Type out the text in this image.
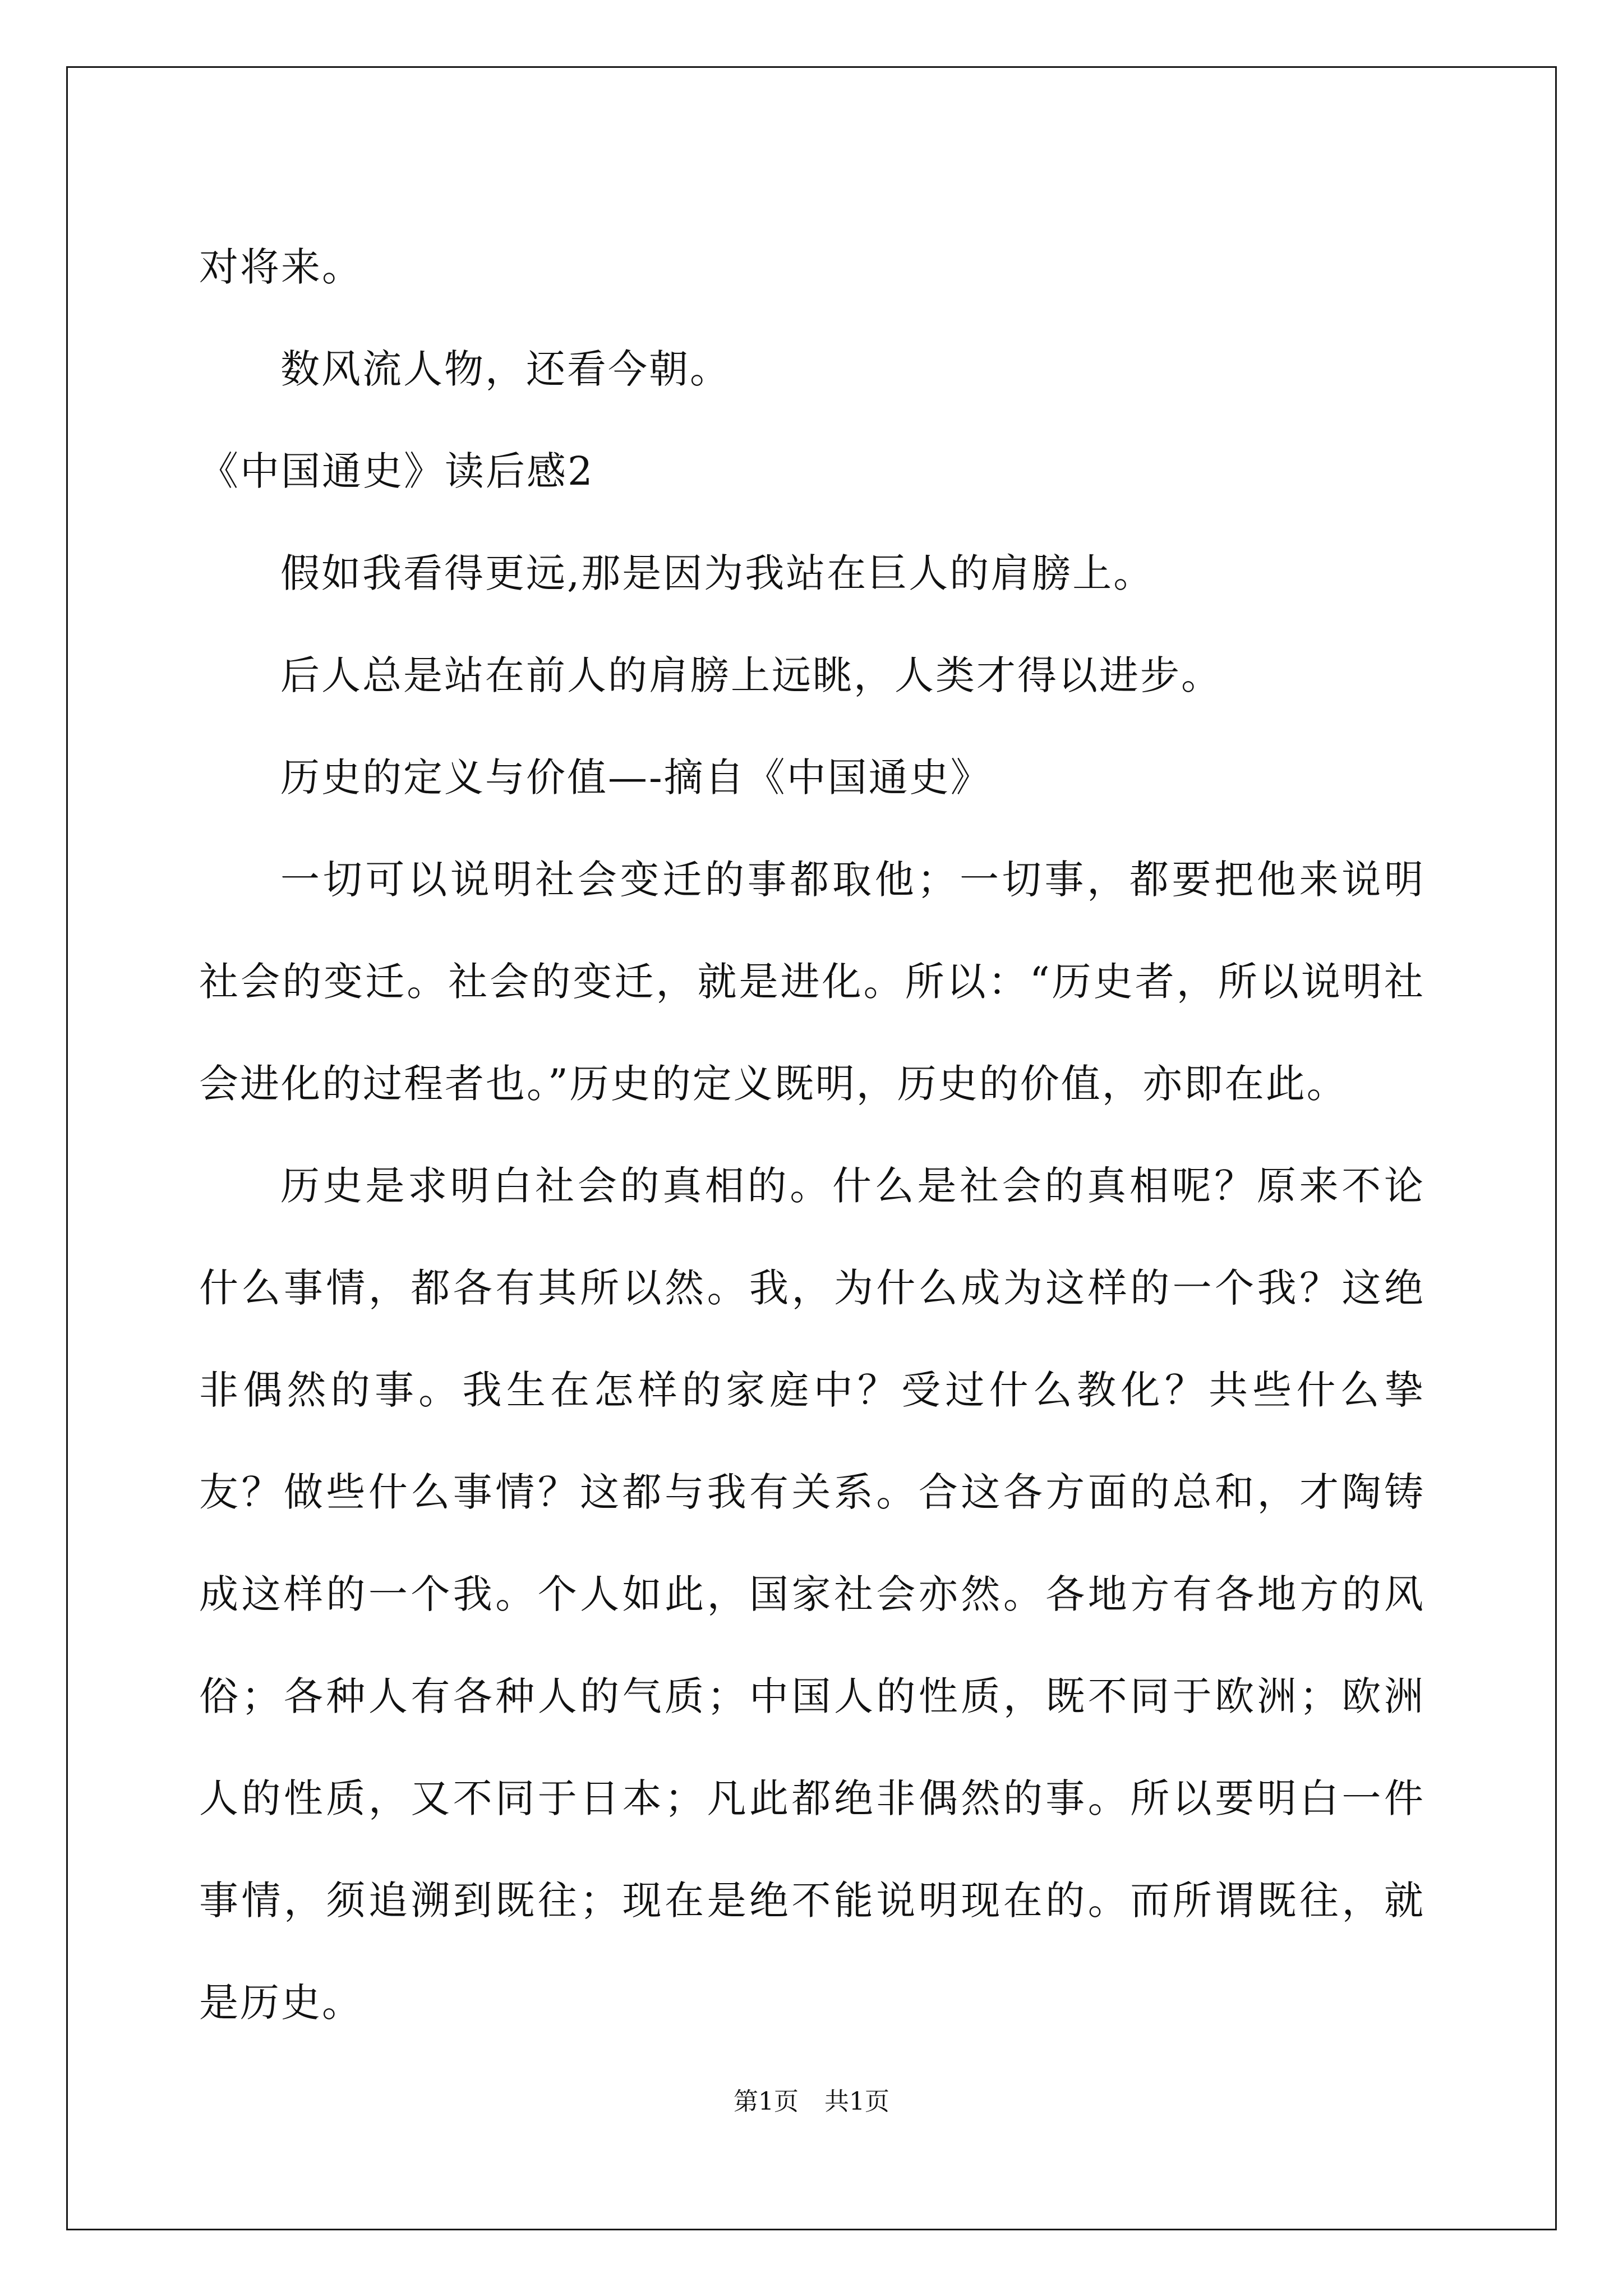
对将来。

数风流人物，还看今朝。

《中国通史》读后感2

假如我看得更远,那是因为我站在巨人的肩膀上。

后人总是站在前人的肩膀上远眺，人类才得以进步。

历史的定义与价值—-摘自《中国通史》

一切可以说明社会变迁的事都取他；一切事，都要把他来说明社会的变迁。社会的变迁，就是进化。所以：“历史者，所以说明社会进化的过程者也。”历史的定义既明，历史的价值，亦即在此。

历史是求明白社会的真相的。什么是社会的真相呢？原来不论什么事情，都各有其所以然。我，为什么成为这样的一个我？这绝非偶然的事。我生在怎样的家庭中？受过什么教化？共些什么挚友？做些什么事情？这都与我有关系。合这各方面的总和，才陶铸成这样的一个我。个人如此，国家社会亦然。各地方有各地方的风俗；各种人有各种人的气质；中国人的性质，既不同于欧洲；欧洲人的性质，又不同于日本；凡此都绝非偶然的事。所以要明白一件事情，须追溯到既往；现在是绝不能说明现在的。而所谓既往，就是历史。

第1页 共1页
